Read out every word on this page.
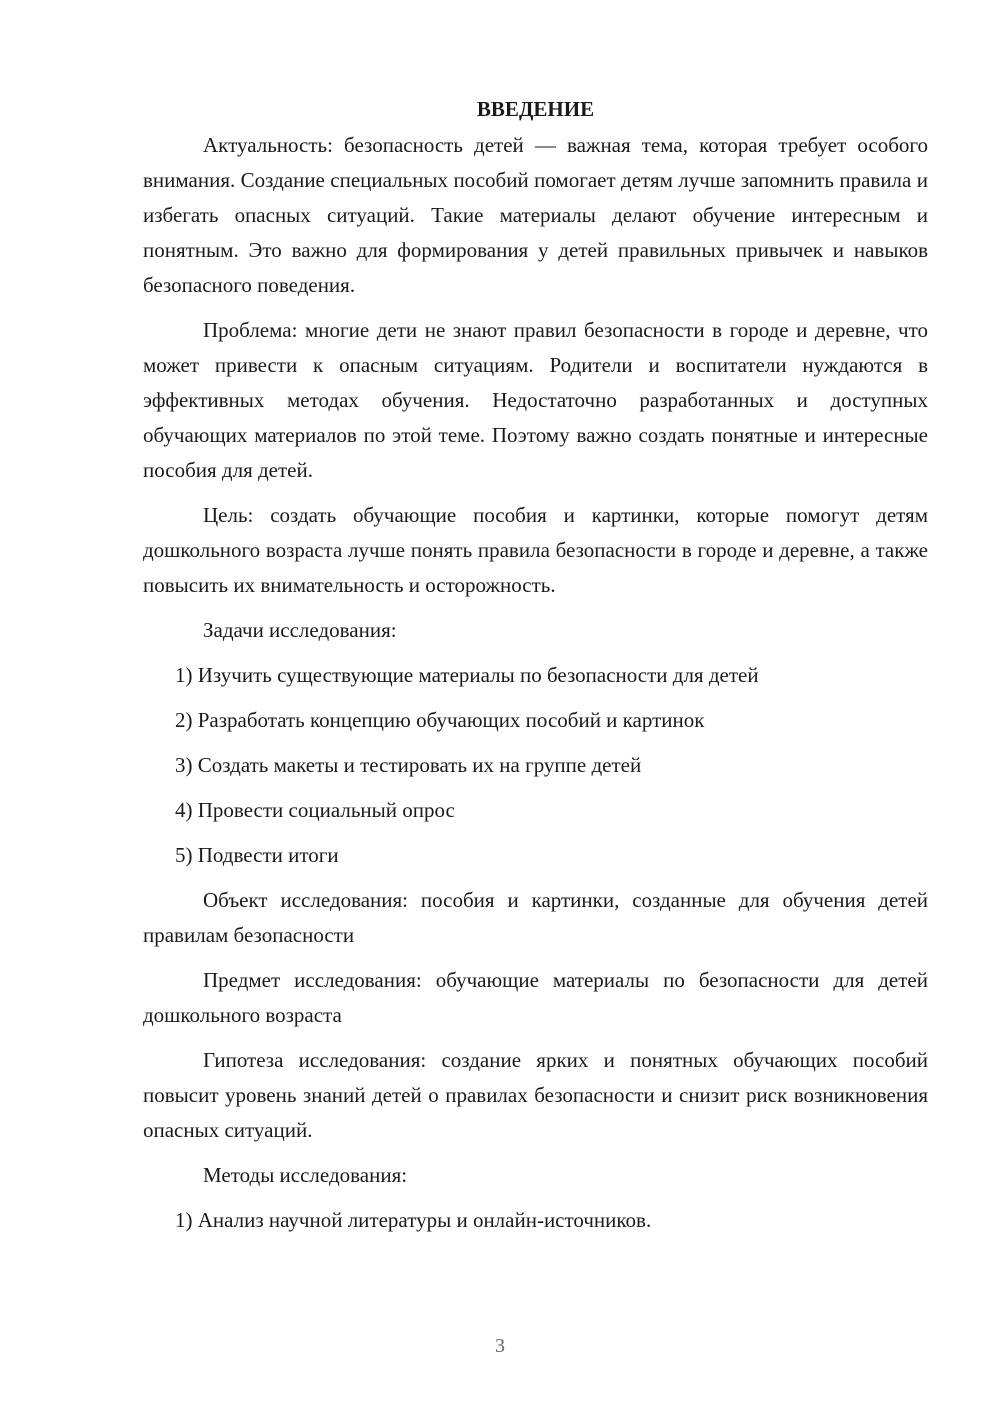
ВВЕДЕНИЕ

Актуальность: безопасность детей — важная тема, которая требует особого внимания. Создание специальных пособий помогает детям лучше запомнить правила и избегать опасных ситуаций. Такие материалы делают обучение интересным и понятным. Это важно для формирования у детей правильных привычек и навыков безопасного поведения.

Проблема: многие дети не знают правил безопасности в городе и деревне, что может привести к опасным ситуациям. Родители и воспитатели нуждаются в эффективных методах обучения. Недостаточно разработанных и доступных обучающих материалов по этой теме. Поэтому важно создать понятные и интересные пособия для детей.

Цель: создать обучающие пособия и картинки, которые помогут детям дошкольного возраста лучше понять правила безопасности в городе и деревне, а также повысить их внимательность и осторожность.

Задачи исследования:

1) Изучить существующие материалы по безопасности для детей

2) Разработать концепцию обучающих пособий и картинок

3) Создать макеты и тестировать их на группе детей

4) Провести социальный опрос

5) Подвести итоги

Объект исследования: пособия и картинки, созданные для обучения детей правилам безопасности

Предмет исследования: обучающие материалы по безопасности для детей дошкольного возраста

Гипотеза исследования: создание ярких и понятных обучающих пособий повысит уровень знаний детей о правилах безопасности и снизит риск возникновения опасных ситуаций.

Методы исследования:

1) Анализ научной литературы и онлайн-источников.

3
